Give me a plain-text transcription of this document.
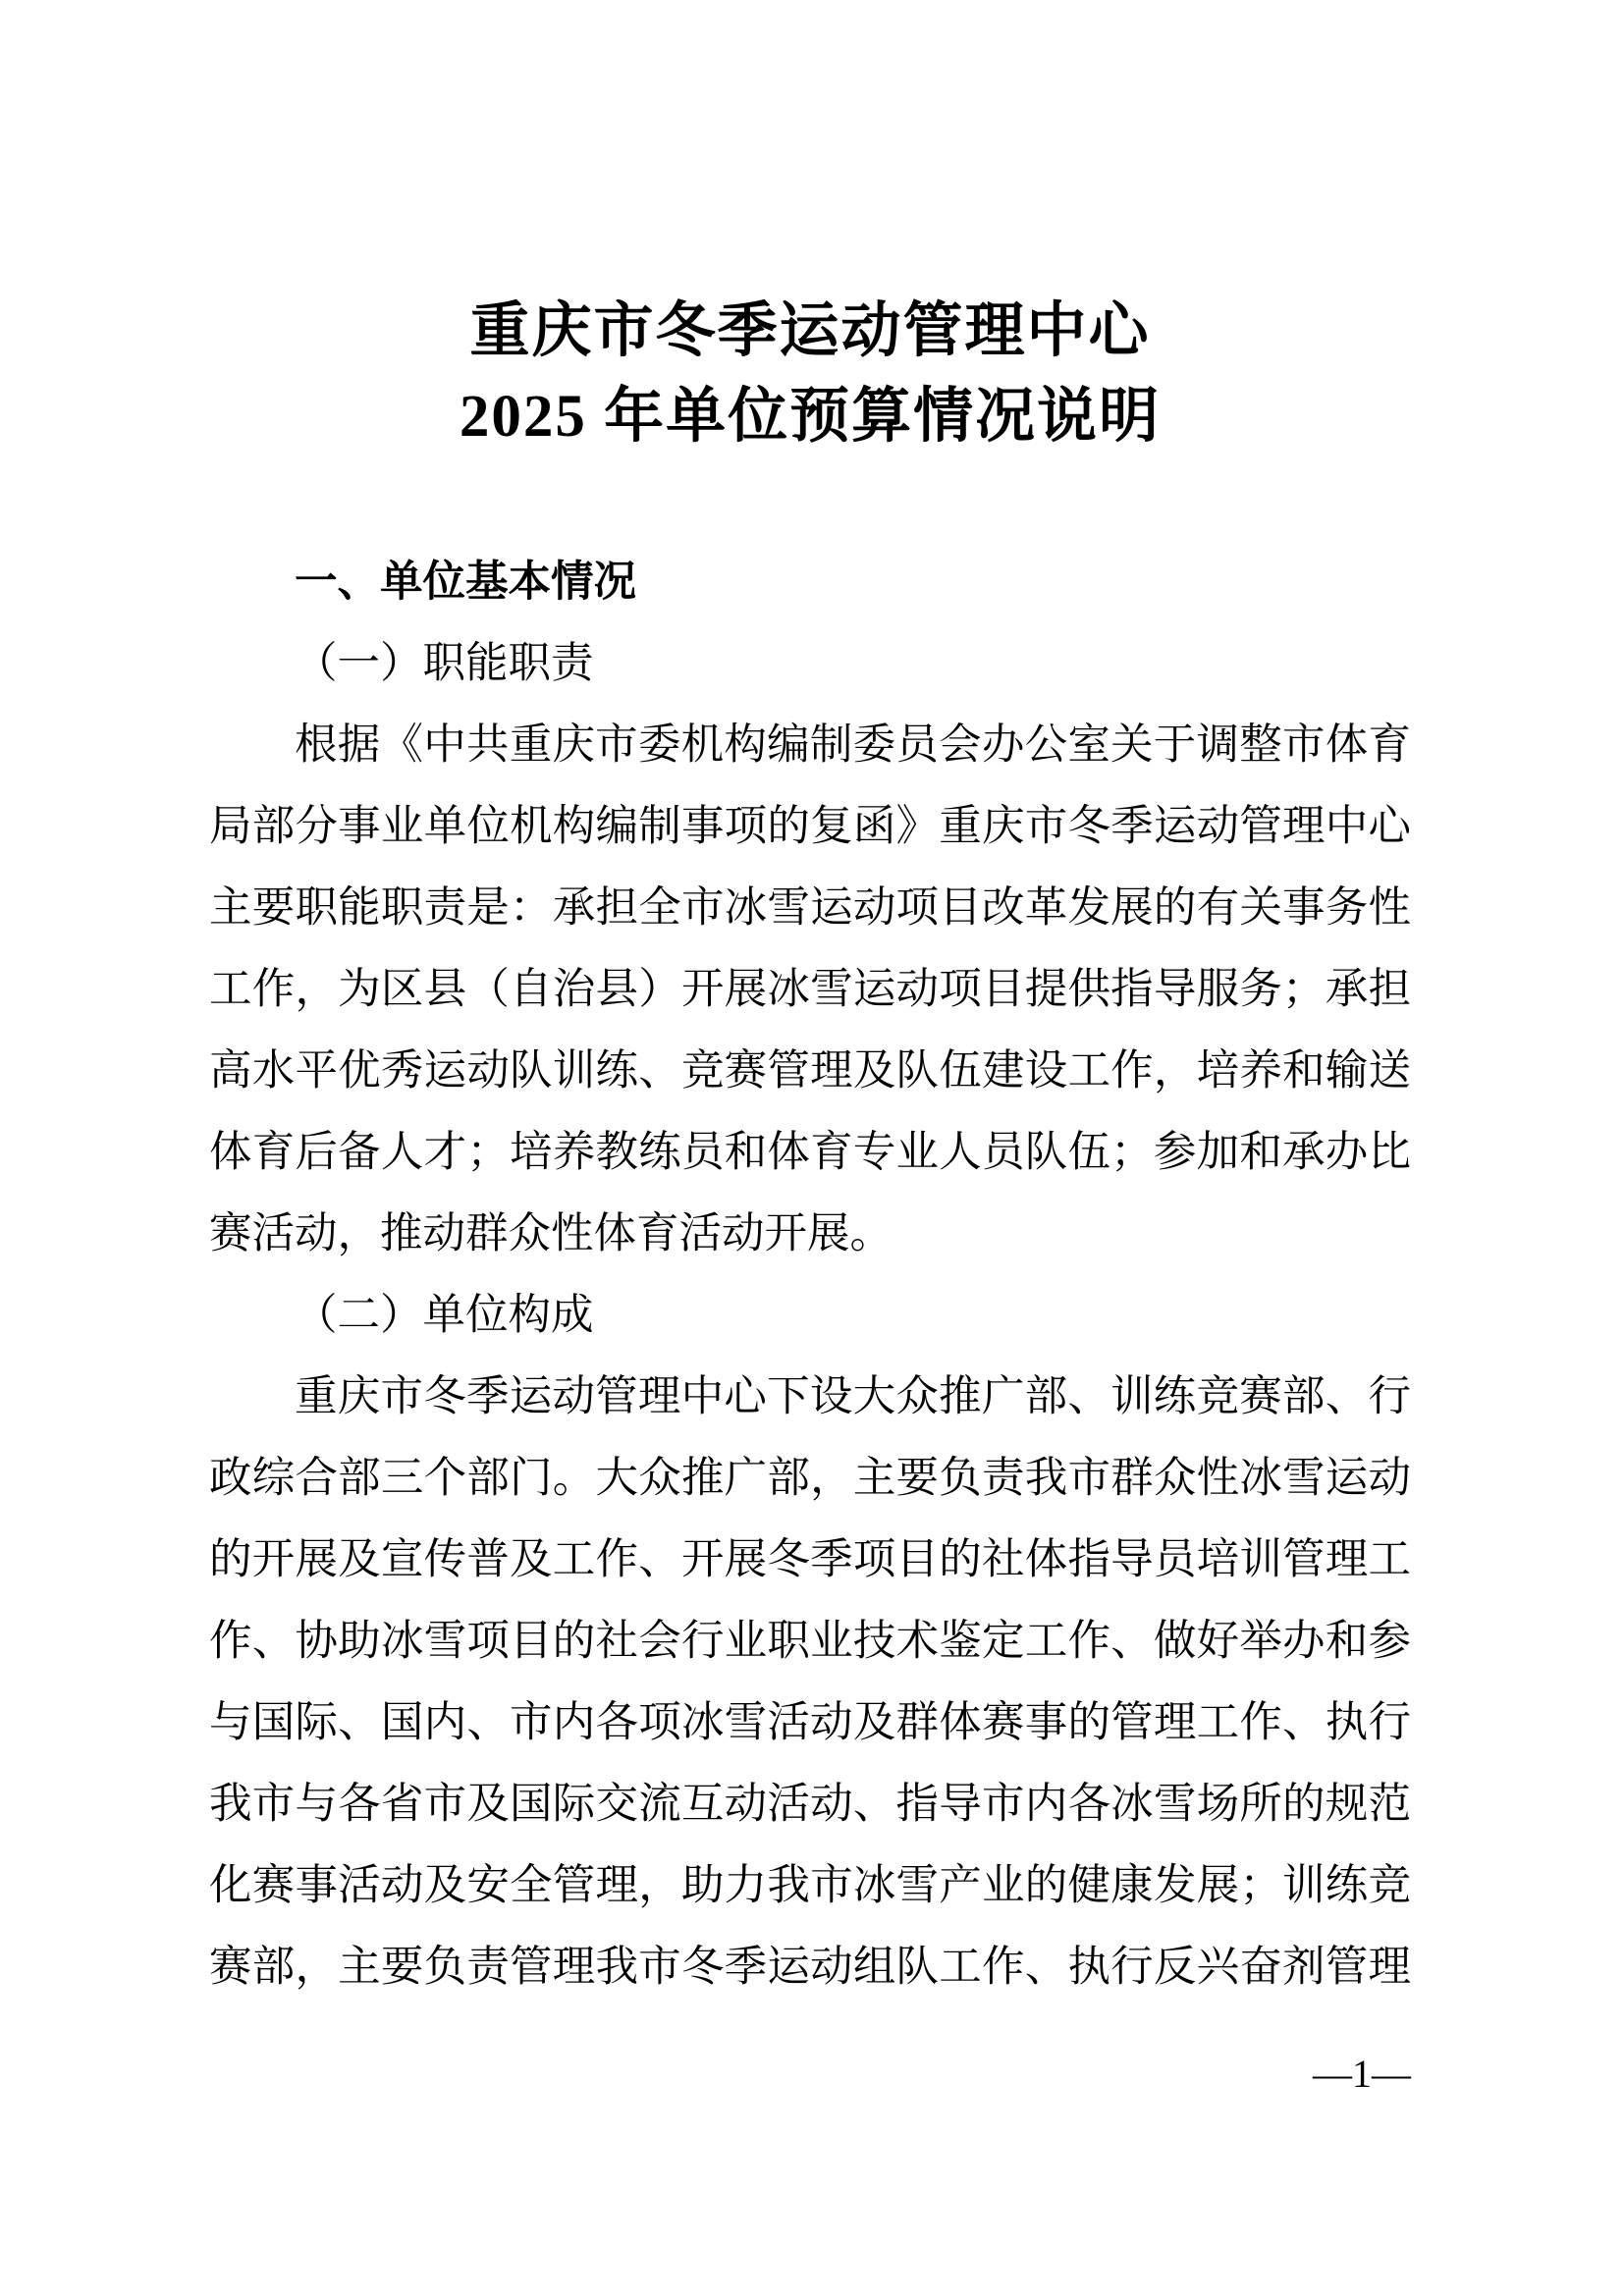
重庆市冬季运动管理中心
2025 年单位预算情况说明
一、单位基本情况
（一）职能职责
根据《中共重庆市委机构编制委员会办公室关于调整市体育
局部分事业单位机构编制事项的复函》重庆市冬季运动管理中心
主要职能职责是：承担全市冰雪运动项目改革发展的有关事务性
工作，为区县（自治县）开展冰雪运动项目提供指导服务；承担
高水平优秀运动队训练、竞赛管理及队伍建设工作，培养和输送
体育后备人才；培养教练员和体育专业人员队伍；参加和承办比
赛活动，推动群众性体育活动开展。
（二）单位构成
重庆市冬季运动管理中心下设大众推广部、训练竞赛部、行
政综合部三个部门。大众推广部，主要负责我市群众性冰雪运动
的开展及宣传普及工作、开展冬季项目的社体指导员培训管理工
作、协助冰雪项目的社会行业职业技术鉴定工作、做好举办和参
与国际、国内、市内各项冰雪活动及群体赛事的管理工作、执行
我市与各省市及国际交流互动活动、指导市内各冰雪场所的规范
化赛事活动及安全管理，助力我市冰雪产业的健康发展；训练竞
赛部，主要负责管理我市冬季运动组队工作、执行反兴奋剂管理
—1—
